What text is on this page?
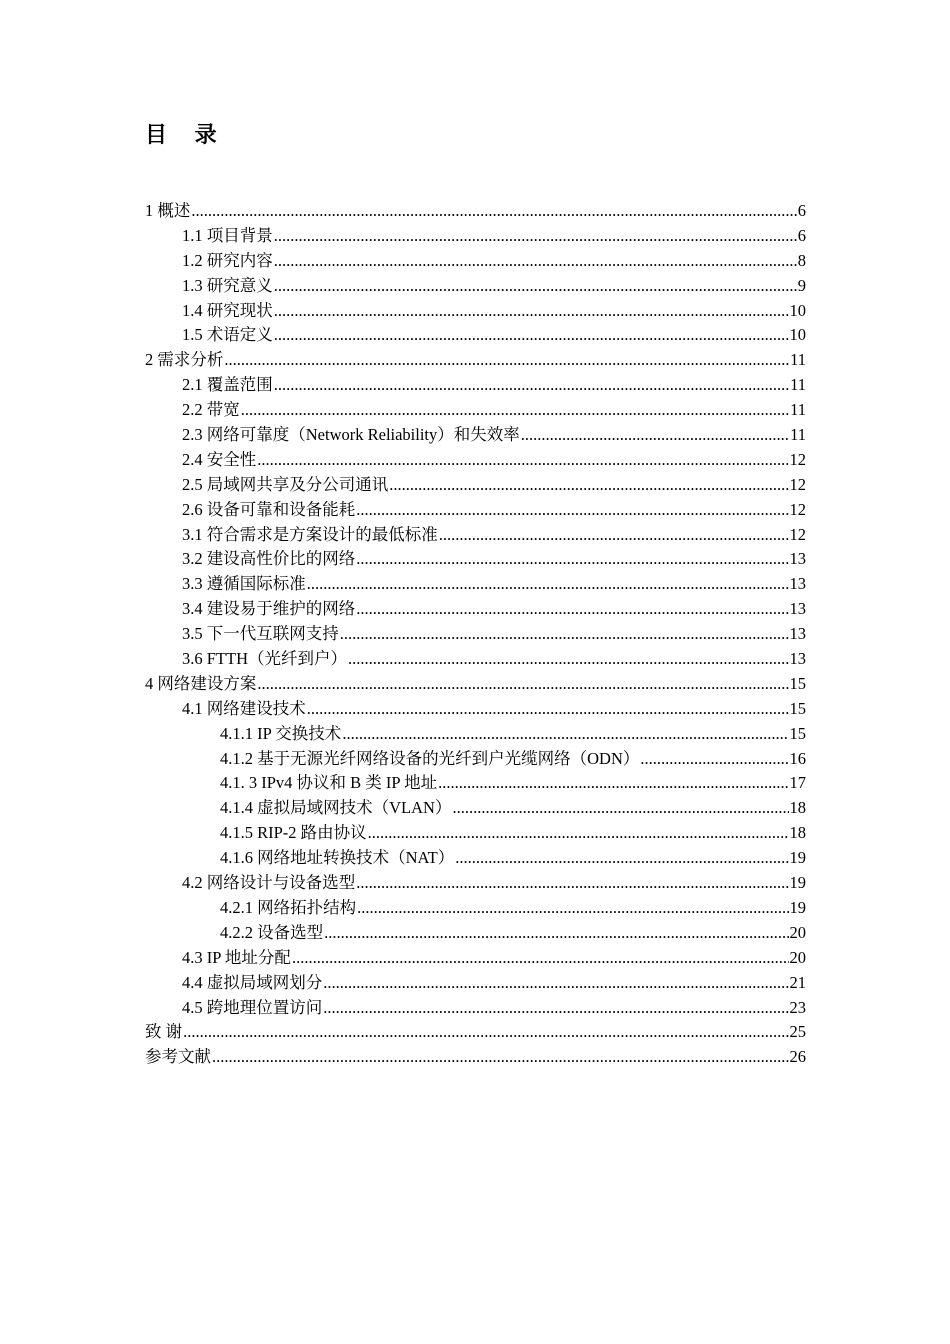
目 录
1 概述 .....	6
1.1 项目背景 .....	6
1.2 研究内容 .....	8
1.3 研究意义 .....	9
1.4 研究现状 .....	10
1.5 术语定义 .....	10
2 需求分析 .....	11
2.1 覆盖范围 .....	11
2.2 带宽 .....	11
2.3 网络可靠度（Network Reliability）和失效率 .....	11
2.4 安全性 .....	12
2.5 局域网共享及分公司通讯 .....	12
2.6 设备可靠和设备能耗 .....	12
3.1 符合需求是方案设计的最低标准 .....	12
3.2 建设高性价比的网络 .....	13
3.3 遵循国际标准 .....	13
3.4 建设易于维护的网络 .....	13
3.5 下一代互联网支持 .....	13
3.6 FTTH（光纤到户） .....	13
4 网络建设方案 .....	15
4.1 网络建设技术 .....	15
4.1.1 IP 交换技术 .....	15
4.1.2 基于无源光纤网络设备的光纤到户光缆网络（ODN） .....	16
4.1. 3 IPv4 协议和 B 类 IP 地址 .....	17
4.1.4 虚拟局域网技术（VLAN） .....	18
4.1.5 RIP-2 路由协议 .....	18
4.1.6 网络地址转换技术（NAT） .....	19
4.2 网络设计与设备选型 .....	19
4.2.1 网络拓扑结构 .....	19
4.2.2 设备选型 .....	20
4.3 IP 地址分配 .....	20
4.4 虚拟局域网划分 .....	21
4.5 跨地理位置访问 .....	23
致 谢 .....	25
参考文献 .....	26
